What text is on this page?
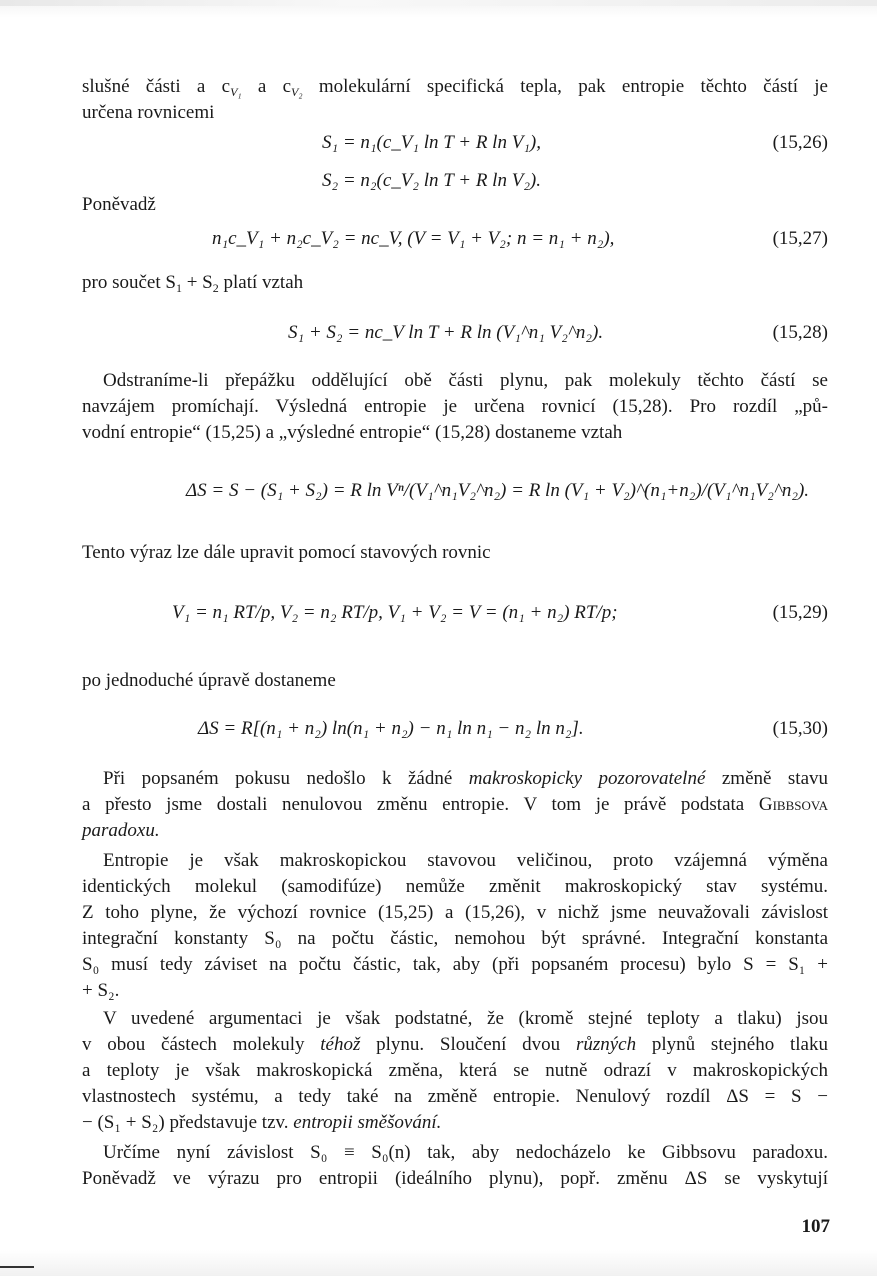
slušné části a $c_{V_1}$ a $c_{V_2}$ molekulární specifická tepla, pak entropie těchto částí je
určena rovnicemi
S₁ = n₁(c_V₁ ln T + R ln V₁),	(15,26)
S₂ = n₂(c_V₂ ln T + R ln V₂).
Poněvadž
n₁c_V₁ + n₂c_V₂ = nc_V, (V = V₁ + V₂; n = n₁ + n₂),	(15,27)
pro součet $S_1 + S_2$ platí vztah
S₁ + S₂ = nc_V ln T + R ln (V₁^n₁ V₂^n₂).	(15,28)
Odstraníme-li přepážku oddělující obě části plynu, pak molekuly těchto částí se
navzájem promíchají. Výsledná entropie je určena rovnicí (15,28). Pro rozdíl „pů-
vodní entropie“ (15,25) a „výsledné entropie“ (15,28) dostaneme vztah
ΔS = S − (S₁ + S₂) = R ln Vⁿ/(V₁^n₁V₂^n₂) = R ln (V₁ + V₂)^(n₁+n₂)/(V₁^n₁V₂^n₂).
Tento výraz lze dále upravit pomocí stavových rovnic
V₁ = n₁ RT/p, V₂ = n₂ RT/p, V₁ + V₂ = V = (n₁ + n₂) RT/p;	(15,29)
po jednoduché úpravě dostaneme
ΔS = R[(n₁ + n₂) ln(n₁ + n₂) − n₁ ln n₁ − n₂ ln n₂].	(15,30)
Při popsaném pokusu nedošlo k žádné makroskopicky pozorovatelné změně stavu
a přesto jsme dostali nenulovou změnu entropie. V tom je právě podstata Gibbsova
paradoxu.
Entropie je však makroskopickou stavovou veličinou, proto vzájemná výměna
identických molekul (samodifúze) nemůže změnit makroskopický stav systému.
Z toho plyne, že výchozí rovnice (15,25) a (15,26), v nichž jsme neuvažovali závislost
integrační konstanty S₀ na počtu částic, nemohou být správné. Integrační konstanta
S₀ musí tedy záviset na počtu částic, tak, aby (při popsaném procesu) bylo S = S₁ +
+ S₂.
V uvedené argumentaci je však podstatné, že (kromě stejné teploty a tlaku) jsou
v obou částech molekuly téhož plynu. Sloučení dvou různých plynů stejného tlaku
a teploty je však makroskopická změna, která se nutně odrazí v makroskopických
vlastnostech systému, a tedy také na změně entropie. Nenulový rozdíl ΔS = S −
− (S₁ + S₂) představuje tzv. entropii směšování.
Určíme nyní závislost S₀ ≡ S₀(n) tak, aby nedocházelo ke Gibbsovu paradoxu.
Poněvadž ve výrazu pro entropii (ideálního plynu), popř. změnu ΔS se vyskytují
107
